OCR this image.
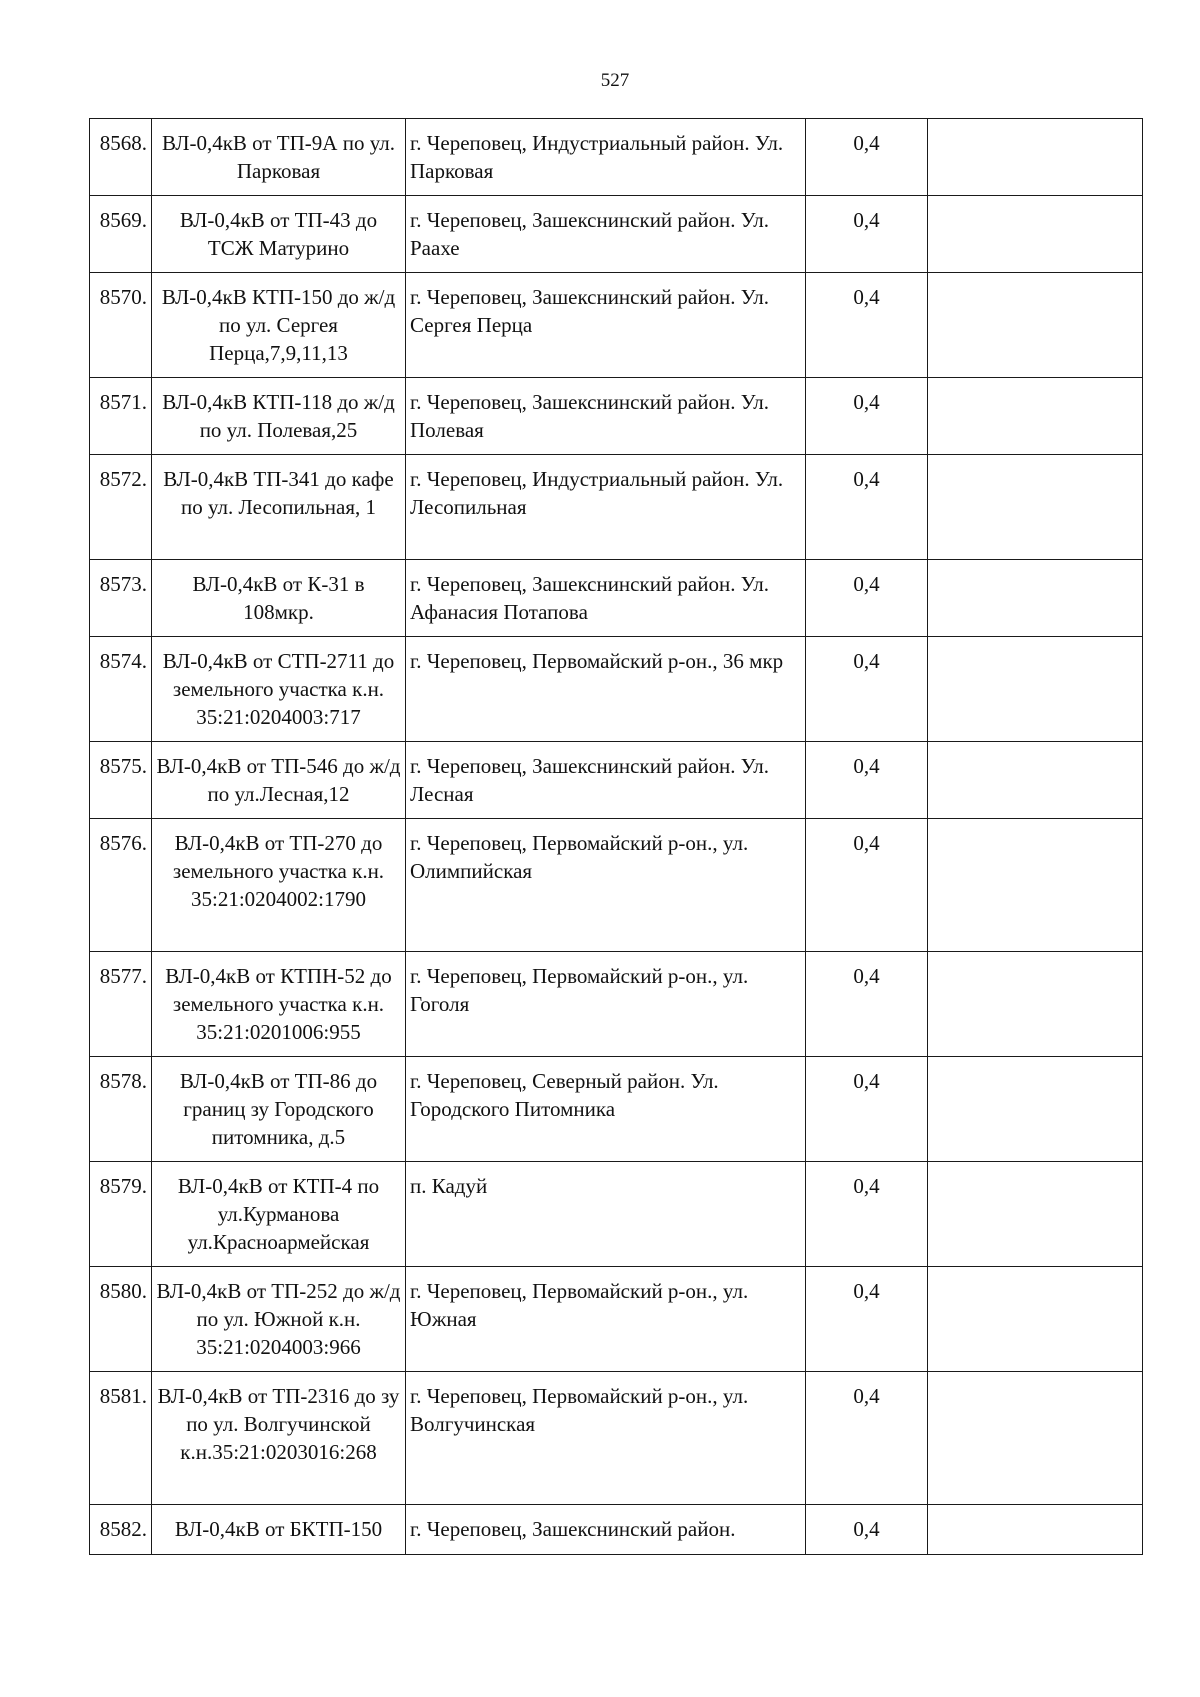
527
8568.	ВЛ-0,4кВ от ТП-9А по ул. Парковая	г. Череповец, Индустриальный район. Ул. Парковая	0,4	
8569.	ВЛ-0,4кВ от ТП-43 до ТСЖ Матурино	г. Череповец, Зашекснинский район. Ул. Раахе	0,4	
8570.	ВЛ-0,4кВ КТП-150 до ж/д по ул. Сергея Перца,7,9,11,13	г. Череповец, Зашекснинский район. Ул. Сергея Перца	0,4	
8571.	ВЛ-0,4кВ КТП-118 до ж/д по ул. Полевая,25	г. Череповец, Зашекснинский район. Ул. Полевая	0,4	
8572.	ВЛ-0,4кВ ТП-341 до кафе по ул. Лесопильная, 1	г. Череповец, Индустриальный район. Ул. Лесопильная	0,4	
8573.	ВЛ-0,4кВ от К-31 в 108мкр.	г. Череповец, Зашекснинский район. Ул. Афанасия Потапова	0,4	
8574.	ВЛ-0,4кВ от СТП-2711 до земельного участка к.н. 35:21:0204003:717	г. Череповец, Первомайский р-он., 36 мкр	0,4	
8575.	ВЛ-0,4кВ от ТП-546 до ж/д по ул.Лесная,12	г. Череповец, Зашекснинский район. Ул. Лесная	0,4	
8576.	ВЛ-0,4кВ от ТП-270 до земельного участка к.н. 35:21:0204002:1790	г. Череповец, Первомайский р-он., ул. Олимпийская	0,4	
8577.	ВЛ-0,4кВ от КТПН-52 до земельного участка к.н. 35:21:0201006:955	г. Череповец, Первомайский р-он., ул. Гоголя	0,4	
8578.	ВЛ-0,4кВ от ТП-86 до границ зу Городского питомника, д.5	г. Череповец, Северный район. Ул. Городского Питомника	0,4	
8579.	ВЛ-0,4кВ от КТП-4 по ул.Курманова ул.Красноармейская	п. Кадуй	0,4	
8580.	ВЛ-0,4кВ от ТП-252 до ж/д по ул. Южной к.н. 35:21:0204003:966	г. Череповец, Первомайский р-он., ул. Южная	0,4	
8581.	ВЛ-0,4кВ от ТП-2316 до зу по ул. Волгучинской к.н.35:21:0203016:268	г. Череповец, Первомайский р-он., ул. Волгучинская	0,4	
8582.	ВЛ-0,4кВ от БКТП-150	г. Череповец, Зашекснинский район.	0,4	
